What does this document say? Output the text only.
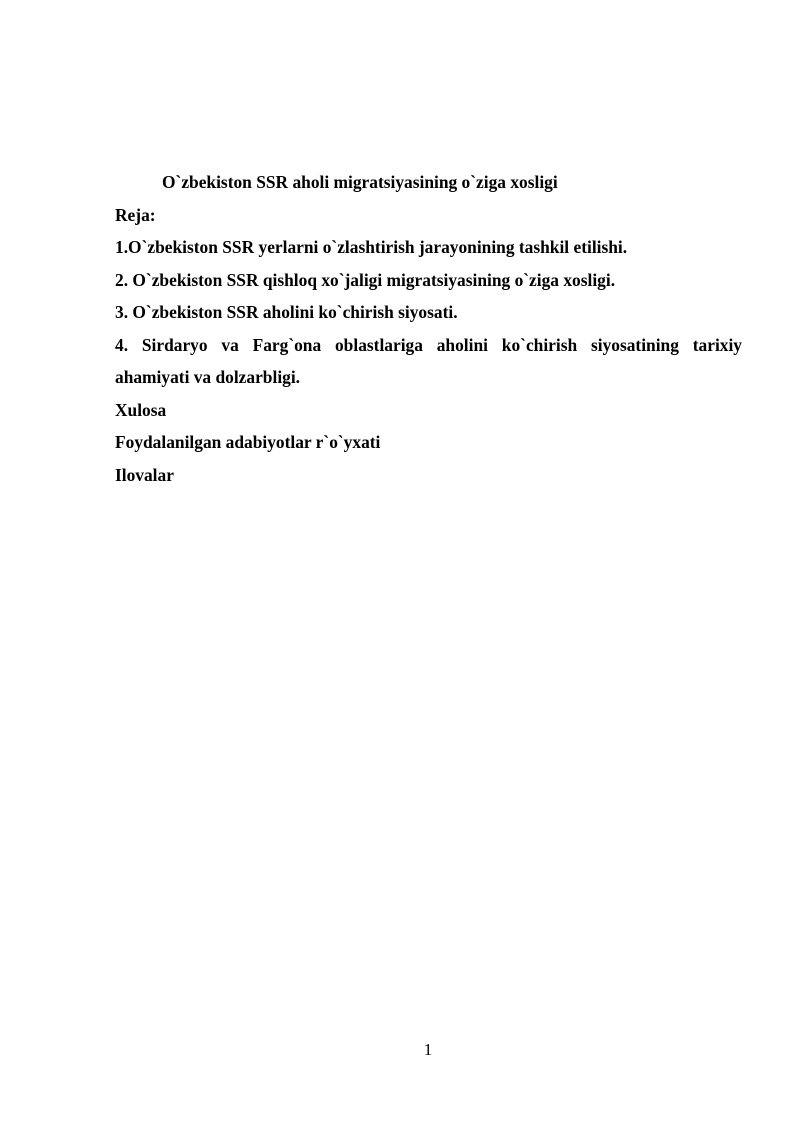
O`zbekiston SSR aholi migratsiyasining o`ziga xosligi

Reja:

1.O`zbekiston SSR yerlarni o`zlashtirish jarayonining tashkil etilishi.

2. O`zbekiston SSR qishloq xo`jaligi migratsiyasining o`ziga xosligi.

3. O`zbekiston SSR aholini ko`chirish siyosati.

4. Sirdaryo va Farg`ona oblastlariga aholini ko`chirish siyosatining tarixiy ahamiyati va dolzarbligi.

Xulosa

Foydalanilgan adabiyotlar r`o`yxati

Ilovalar

1
